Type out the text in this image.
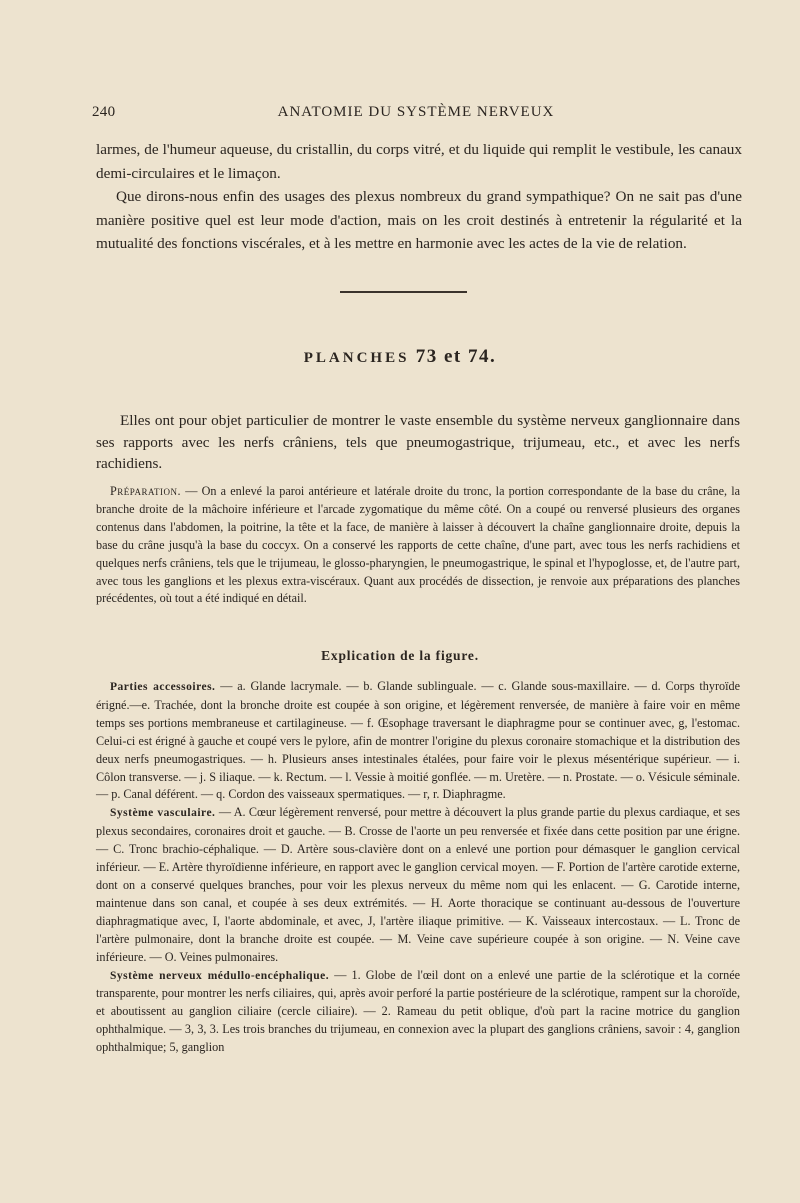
240	ANATOMIE DU SYSTÈME NERVEUX

larmes, de l'humeur aqueuse, du cristallin, du corps vitré, et du liquide qui remplit le vestibule, les canaux demi-circulaires et le limaçon.

Que dirons-nous enfin des usages des plexus nombreux du grand sympathique? On ne sait pas d'une manière positive quel est leur mode d'action, mais on les croit destinés à entretenir la régularité et la mutualité des fonctions viscérales, et à les mettre en harmonie avec les actes de la vie de relation.

PLANCHES 73 et 74.

Elles ont pour objet particulier de montrer le vaste ensemble du système nerveux ganglionnaire dans ses rapports avec les nerfs crâniens, tels que pneumogastrique, trijumeau, etc., et avec les nerfs rachidiens.

Préparation. — On a enlevé la paroi antérieure et latérale droite du tronc, la portion correspondante de la base du crâne, la branche droite de la mâchoire inférieure et l'arcade zygomatique du même côté. On a coupé ou renversé plusieurs des organes contenus dans l'abdomen, la poitrine, la tête et la face, de manière à laisser à découvert la chaîne ganglionnaire droite, depuis la base du crâne jusqu'à la base du coccyx. On a conservé les rapports de cette chaîne, d'une part, avec tous les nerfs rachidiens et quelques nerfs crâniens, tels que le trijumeau, le glosso-pharyngien, le pneumogastrique, le spinal et l'hypoglosse, et, de l'autre part, avec tous les ganglions et les plexus extra-viscéraux. Quant aux procédés de dissection, je renvoie aux préparations des planches précédentes, où tout a été indiqué en détail.

Explication de la figure.

Parties accessoires. — a. Glande lacrymale. — b. Glande sublinguale. — c. Glande sous-maxillaire. — d. Corps thyroïde érigné.—e. Trachée, dont la bronche droite est coupée à son origine, et légèrement renversée, de manière à faire voir en même temps ses portions membraneuse et cartilagineuse. — f. Œsophage traversant le diaphragme pour se continuer avec, g, l'estomac. Celui-ci est érigné à gauche et coupé vers le pylore, afin de montrer l'origine du plexus coronaire stomachique et la distribution des deux nerfs pneumogastriques. — h. Plusieurs anses intestinales étalées, pour faire voir le plexus mésentérique supérieur. — i. Côlon transverse. — j. S iliaque. — k. Rectum. — l. Vessie à moitié gonflée. — m. Uretère. — n. Prostate. — o. Vésicule séminale. — p. Canal déférent. — q. Cordon des vaisseaux spermatiques. — r, r. Diaphragme.

Système vasculaire. — A. Cœur légèrement renversé, pour mettre à découvert la plus grande partie du plexus cardiaque, et ses plexus secondaires, coronaires droit et gauche. — B. Crosse de l'aorte un peu renversée et fixée dans cette position par une érigne. — C. Tronc brachio-céphalique. — D. Artère sous-clavière dont on a enlevé une portion pour démasquer le ganglion cervical inférieur. — E. Artère thyroïdienne inférieure, en rapport avec le ganglion cervical moyen. — F. Portion de l'artère carotide externe, dont on a conservé quelques branches, pour voir les plexus nerveux du même nom qui les enlacent. — G. Carotide interne, maintenue dans son canal, et coupée à ses deux extrémités. — H. Aorte thoracique se continuant au-dessous de l'ouverture diaphragmatique avec, I, l'aorte abdominale, et avec, J, l'artère iliaque primitive. — K. Vaisseaux intercostaux. — L. Tronc de l'artère pulmonaire, dont la branche droite est coupée. — M. Veine cave supérieure coupée à son origine. — N. Veine cave inférieure. — O. Veines pulmonaires.

Système nerveux médullo-encéphalique. — 1. Globe de l'œil dont on a enlevé une partie de la sclérotique et la cornée transparente, pour montrer les nerfs ciliaires, qui, après avoir perforé la partie postérieure de la sclérotique, rampent sur la choroïde, et aboutissent au ganglion ciliaire (cercle ciliaire). — 2. Rameau du petit oblique, d'où part la racine motrice du ganglion ophthalmique. — 3, 3, 3. Les trois branches du trijumeau, en connexion avec la plupart des ganglions crâniens, savoir : 4, ganglion ophthalmique; 5, ganglion
